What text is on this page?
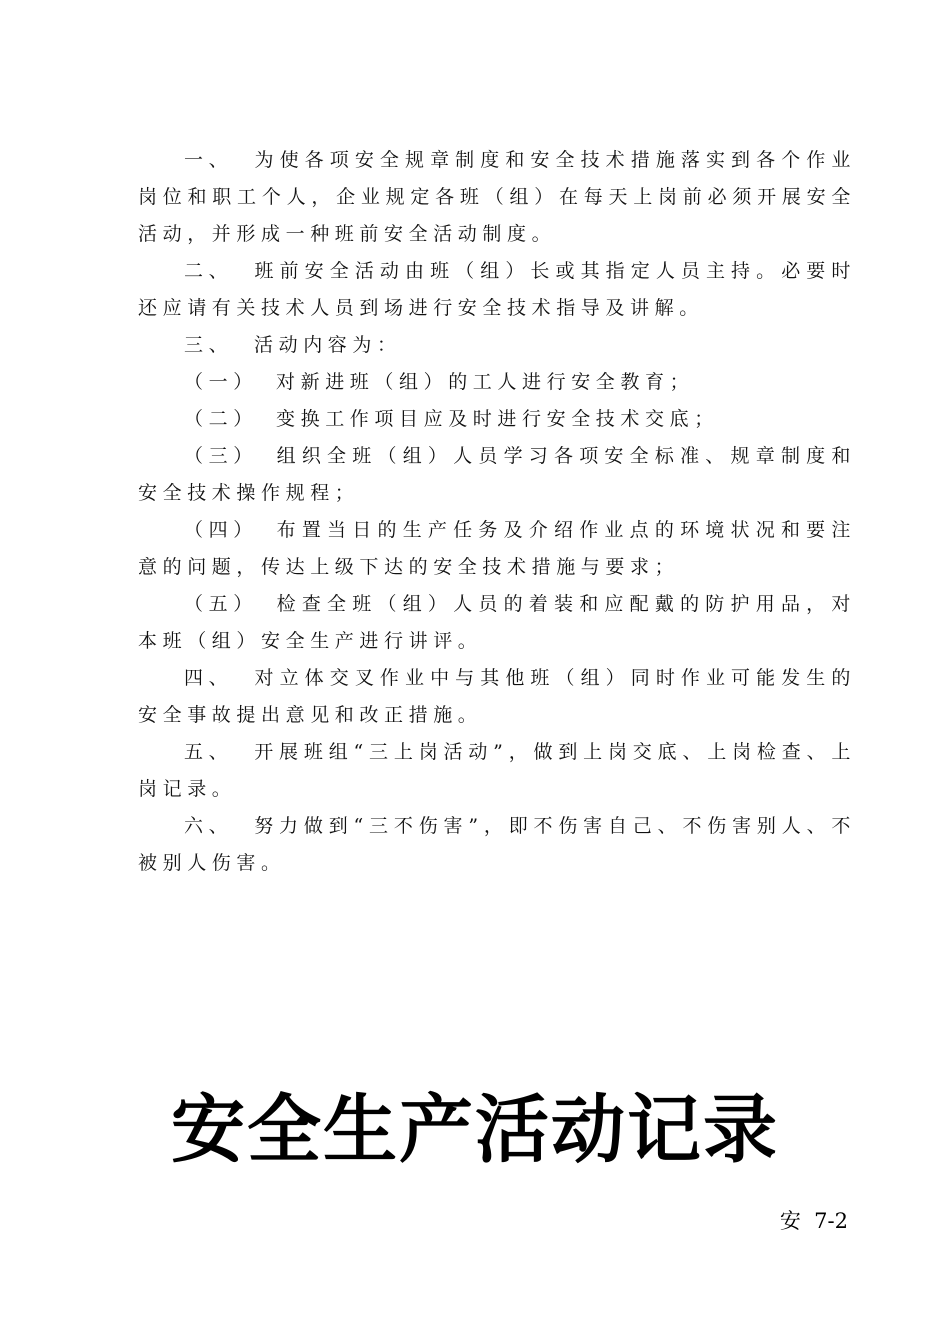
一、 为使各项安全规章制度和安全技术措施落实到各个作业岗位和职工个人，企业规定各班（组）在每天上岗前必须开展安全活动，并形成一种班前安全活动制度。

二、 班前安全活动由班（组）长或其指定人员主持。必要时还应请有关技术人员到场进行安全技术指导及讲解。

三、 活动内容为：

（一） 对新进班（组）的工人进行安全教育；

（二） 变换工作项目应及时进行安全技术交底；

（三） 组织全班（组）人员学习各项安全标准、规章制度和安全技术操作规程；

（四） 布置当日的生产任务及介绍作业点的环境状况和要注意的问题，传达上级下达的安全技术措施与要求；

（五） 检查全班（组）人员的着装和应配戴的防护用品，对本班（组）安全生产进行讲评。

四、 对立体交叉作业中与其他班（组）同时作业可能发生的安全事故提出意见和改正措施。

五、 开展班组“三上岗活动”，做到上岗交底、上岗检查、上岗记录。

六、 努力做到“三不伤害”，即不伤害自己、不伤害别人、不被别人伤害。

安全生产活动记录
安  7-2
